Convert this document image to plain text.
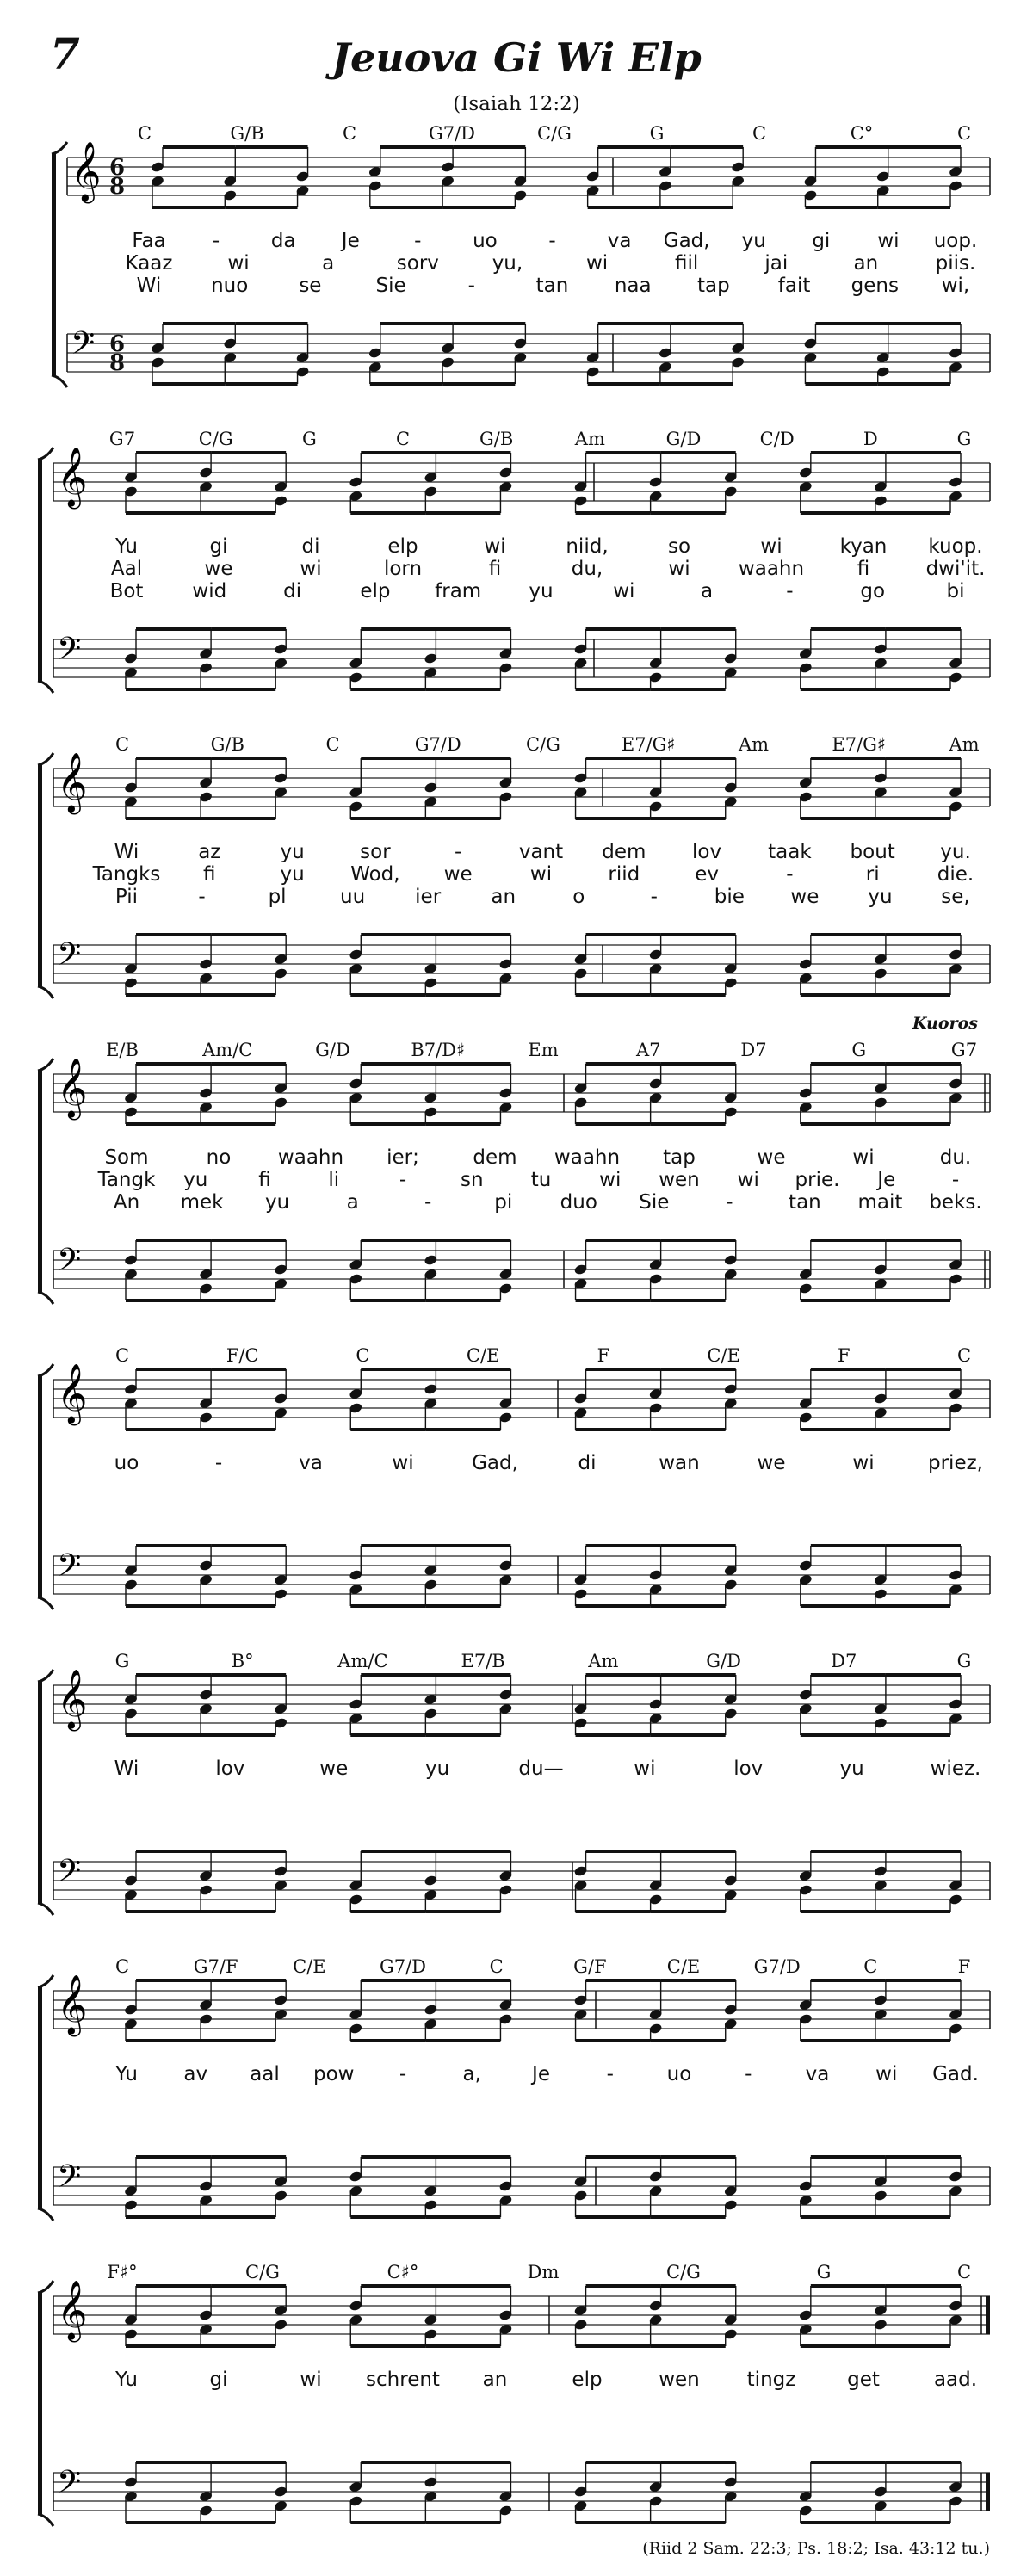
7	Jeuova Gi Wi Elp
(Isaiah 12:2)
C	G/B	C	G7/D	C/G	G	C	C°	C
𝄞
𝄢
6
8
6
8
Faa -	da Je	-	uo	-	va Gad, yu gi wi uop.
Kaaz	wi	a	sorv	yu,	wi	fiil	jai	an	piis.
Wi	nuo	se	Sie	-	tan naa tap fait gens wi,
G7	C/G	G	C	G/B	Am	G/D	C/D	D	G
𝄞
𝄢
Yu	gi	di	elp	wi	niid,	so	wi	kyan kuop.
Aal	we	wi	lorn	fi	du,	wi waahn	fi	dwi'it.
Bot wid	di	elp fram yu	wi	a	-	go	bi
C	G/B	C	G7/D	C/G	E7/G♯	Am	E7/G♯	Am
𝄞
𝄢
Wi	az	yu	sor	-	vant dem lov taak bout yu.
Tangks fi	yu Wod, we	wi	riid	ev	-	ri	die.
Pii	-	pl	uu	ier	an	o	-	bie we yu se,
E/B	Am/C	G/D	B7/D♯	Em	A7	D7	G	G7
𝄞
𝄢
Som	no waahn ier;	dem waahn tap	we	wi	du.
Tangk yu	fi	li	-	sn tu wi wen wi prie. Je	-
An mek yu	a	-	pi duo Sie	-	tan mait beks.
Kuoros
C	F/C	C	C/E	F	C/E	F	C
𝄞
𝄢
uo	-	va	wi	Gad,	di	wan	we	wi	priez,
G	B°	Am/C	E7/B	Am	G/D	D7	G
𝄞
𝄢
Wi	lov	we	yu	du—	wi	lov	yu	wiez.
C	G7/F	C/E	G7/D	C	G/F	C/E	G7/D	C	F
𝄞
𝄢
Yu av aal pow -	a,	Je	-	uo	-	va wi Gad.
F♯°	C/G	C♯°	Dm	C/G	G	C
𝄞
𝄢
Yu	gi	wi schrent an	elp	wen tingz	get	aad.
(Riid 2 Sam. 22:3; Ps. 18:2; Isa. 43:12 tu.)
